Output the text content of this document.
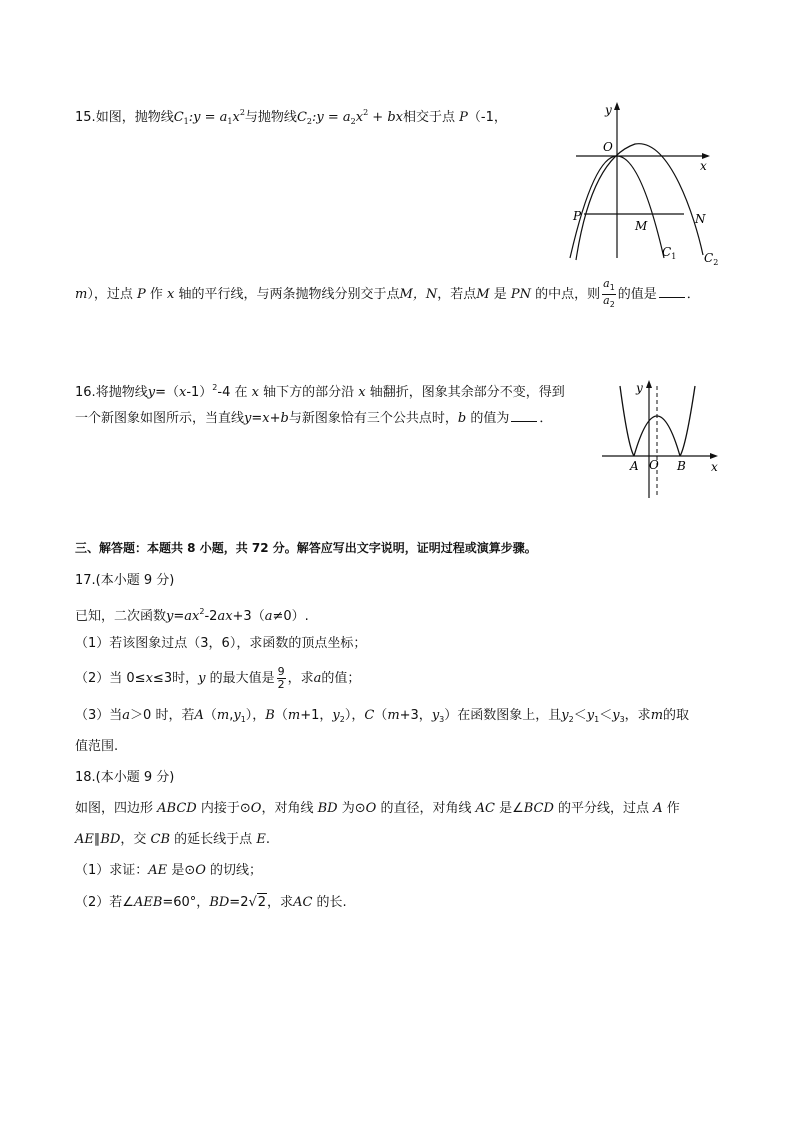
15.如图，抛物线$C_1:y = a_1x^2$与抛物线$C_2:y = a_2x^2$ + bx相交于点 P（-1，	y
x
O
P
M	N
$C_1$ $C_2$
m），过点 P 作 x 轴的平行线，与两条抛物线分别交于点M，N，若点M 是 PN 的中点，则 $\frac{a_1}{a_2}$ 的值是 ．
16.将抛物线$y=(x-1)^2-4$ 在 x 轴下方的部分沿 x 轴翻折，图象其余部分不变，得到
一个新图象如图所示，当直线y=x+b与新图象恰有三个公共点时，b 的值为 ．
x
y
A O B
三、解答题：本题共 8 小题，共 72 分。解答应写出文字说明，证明过程或演算步骤。
17.(本小题 9 分)
已知，二次函数$y=ax^2-2ax+3(a\ne 0)$.
（1）若该图象过点（3，6），求函数的顶点坐标；
（2）当 0≤x≤3时，y 的最大值是 $\frac{9}{2}$ ，求a的值；
（3）当a＞0 时，若$A(m,y_1)$，B（m+1，$y_2$），C（m+3，$y_3$）在函数图象上，且$y_2<y_1<y_3$，求m的取
值范围.
18.(本小题 9 分)
如图，四边形 ABCD 内接于⊙O，对角线 BD 为⊙O 的直径，对角线 AC 是∠BCD 的平分线，过点 A 作
AE∥BD，交 CB 的延长线于点 E.
（1）求证：AE 是⊙O 的切线；
（2）若∠AEB=60°，BD=2√2，求AC 的长.
